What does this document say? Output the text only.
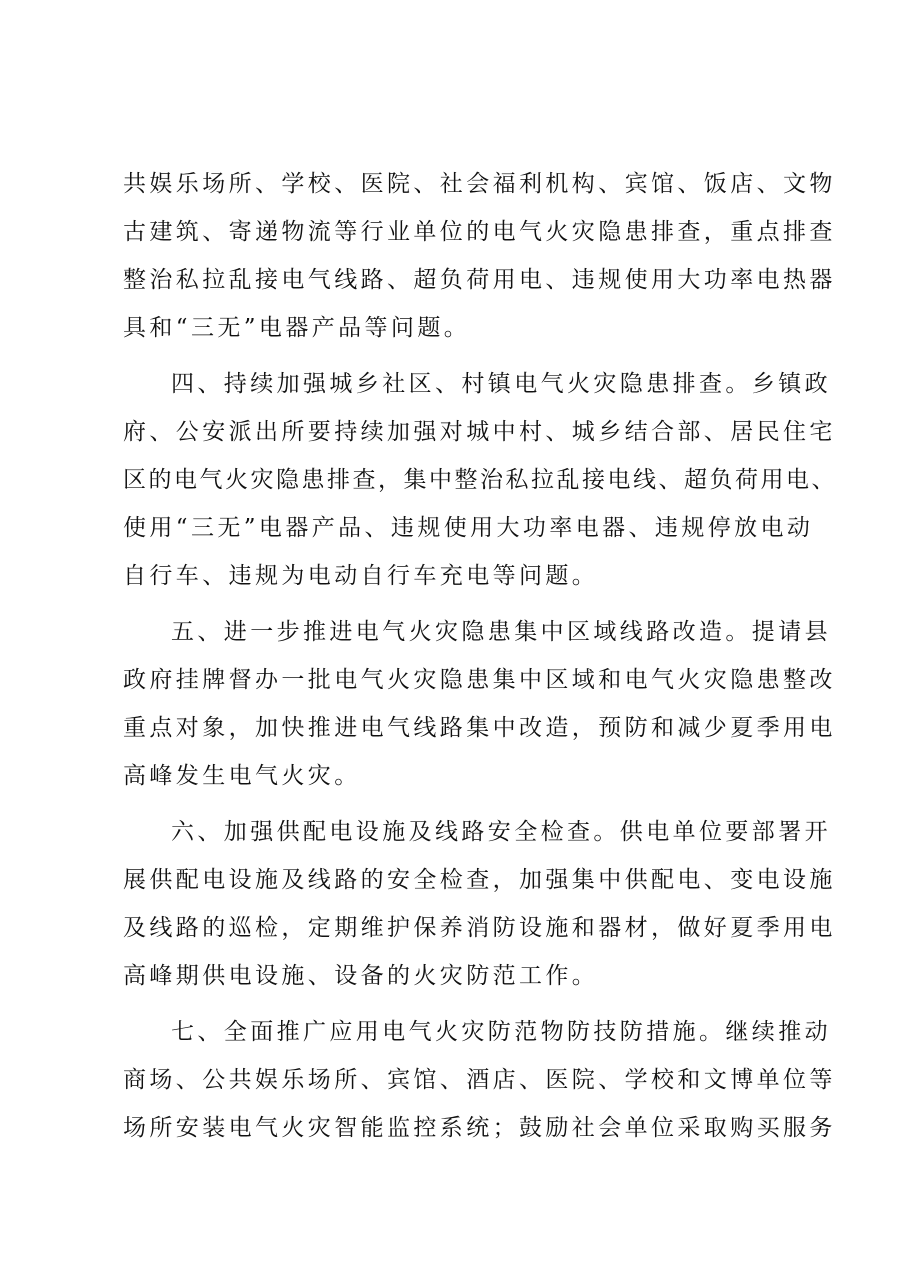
共娱乐场所、学校、医院、社会福利机构、宾馆、饭店、文物
古建筑、寄递物流等行业单位的电气火灾隐患排查，重点排查
整治私拉乱接电气线路、超负荷用电、违规使用大功率电热器
具和“三无”电器产品等问题。
四、持续加强城乡社区、村镇电气火灾隐患排查。乡镇政
府、公安派出所要持续加强对城中村、城乡结合部、居民住宅
区的电气火灾隐患排查，集中整治私拉乱接电线、超负荷用电、
使用“三无”电器产品、违规使用大功率电器、违规停放电动
自行车、违规为电动自行车充电等问题。
五、进一步推进电气火灾隐患集中区域线路改造。提请县
政府挂牌督办一批电气火灾隐患集中区域和电气火灾隐患整改
重点对象，加快推进电气线路集中改造，预防和减少夏季用电
高峰发生电气火灾。
六、加强供配电设施及线路安全检查。供电单位要部署开
展供配电设施及线路的安全检查，加强集中供配电、变电设施
及线路的巡检，定期维护保养消防设施和器材，做好夏季用电
高峰期供电设施、设备的火灾防范工作。
七、全面推广应用电气火灾防范物防技防措施。继续推动
商场、公共娱乐场所、宾馆、酒店、医院、学校和文博单位等
场所安装电气火灾智能监控系统；鼓励社会单位采取购买服务
